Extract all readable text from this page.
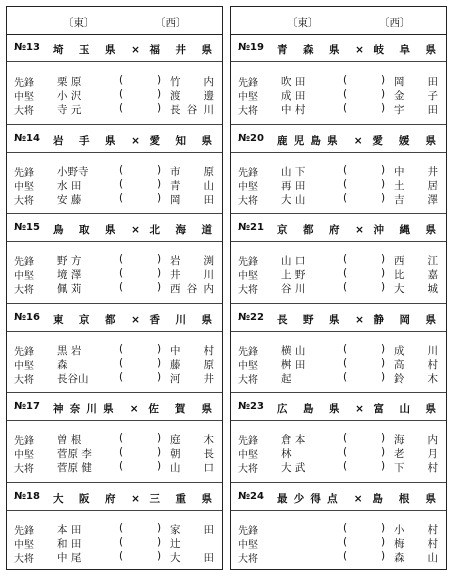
〔東〕	〔西〕
№13 埼 玉 県 × 福 井 県
先鋒 栗 原	(	) 竹 内
中堅 小 沢	(	) 渡 邊
大将 寺 元	(	) 長谷川
№14 岩 手 県 × 愛 知 県
先鋒 小野寺	(	) 市 原
中堅 水 田	(	) 青 山
大将 安 藤	(	) 岡 田
№15 鳥 取 県 × 北 海 道
先鋒 野 方	(	) 岩 渕
中堅 境 澤	(	) 井 川
大将 佩 苅	(	) 西谷内
№16 東 京 都 × 香 川 県
先鋒 黒 岩	(	) 中 村
中堅 森	(	) 藤 原
大将 長谷山	(	) 河 井
№17 神奈川県 × 佐 賀 県
先鋒 曽 根	(	) 庭 木
中堅 菅原 李	(	) 朝 長
大将 菅原 健	(	) 山 口
№18 大 阪 府 × 三 重 県
先鋒 本 田	(	) 家 田
中堅 和 田	(	) 辻
大将 中 尾	(	) 大 田
〔東〕	〔西〕
№19 青 森 県 × 岐 阜 県
先鋒 吹 田	(	) 岡 田
中堅 成 田	(	) 金 子
大将 中 村	(	) 宇 田
№20 鹿児島県 × 愛 媛 県
先鋒 山 下	(	) 中 井
中堅 再 田	(	) 土 居
大将 大 山	(	) 吉 澤
№21 京 都 府 × 沖 縄 県
先鋒 山 口	(	) 西 江
中堅 上 野	(	) 比 嘉
大将 谷 川	(	) 大 城
№22 長 野 県 × 静 岡 県
先鋒 横 山	(	) 成 川
中堅 桝 田	(	) 高 村
大将 起	(	) 鈴 木
№23 広 島 県 × 富 山 県
先鋒 倉 本	(	) 海 内
中堅 林	(	) 老 月
大将 大 武	(	) 下 村
№24 最少得点 × 島 根 県
先鋒	(	) 小 村
中堅	(	) 梅 村
大将	(	) 森 山
